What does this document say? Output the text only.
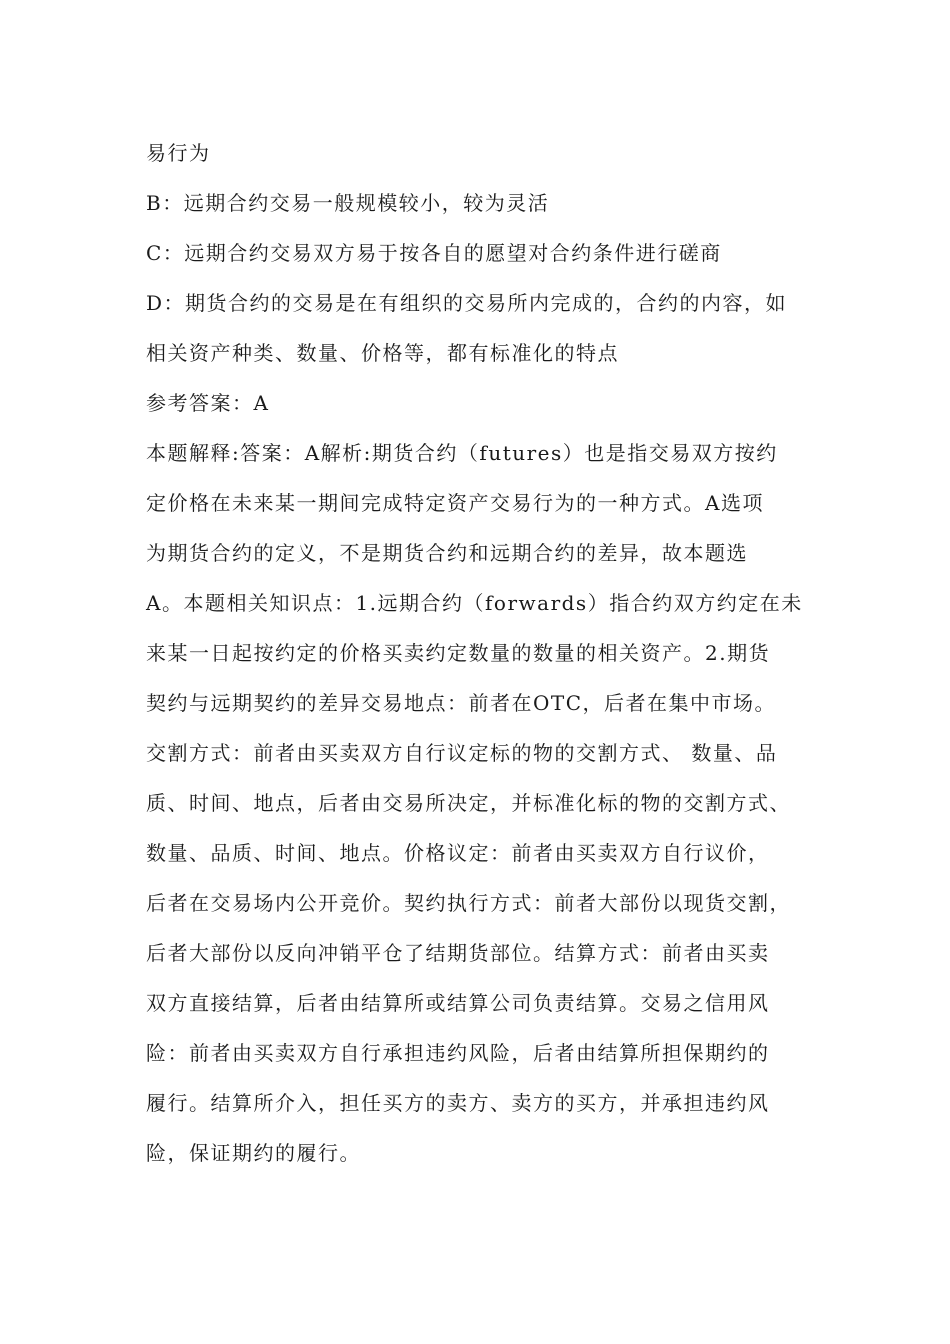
易行为
B：远期合约交易一般规模较小，较为灵活
C：远期合约交易双方易于按各自的愿望对合约条件进行磋商
D：期货合约的交易是在有组织的交易所内完成的，合约的内容，如
相关资产种类、数量、价格等，都有标准化的特点
参考答案：A
本题解释:答案：A解析:期货合约（futures）也是指交易双方按约
定价格在未来某一期间完成特定资产交易行为的一种方式。A选项
为期货合约的定义，不是期货合约和远期合约的差异，故本题选
A。本题相关知识点：1.远期合约（forwards）指合约双方约定在未
来某一日起按约定的价格买卖约定数量的数量的相关资产。2.期货
契约与远期契约的差异交易地点：前者在OTC，后者在集中市场。
交割方式：前者由买卖双方自行议定标的物的交割方式、 数量、品
质、时间、地点，后者由交易所决定，并标准化标的物的交割方式、
数量、品质、时间、地点。价格议定：前者由买卖双方自行议价，
后者在交易场内公开竞价。契约执行方式：前者大部份以现货交割，
后者大部份以反向冲销平仓了结期货部位。结算方式：前者由买卖
双方直接结算，后者由结算所或结算公司负责结算。交易之信用风
险：前者由买卖双方自行承担违约风险，后者由结算所担保期约的
履行。结算所介入，担任买方的卖方、卖方的买方，并承担违约风
险，保证期约的履行。
